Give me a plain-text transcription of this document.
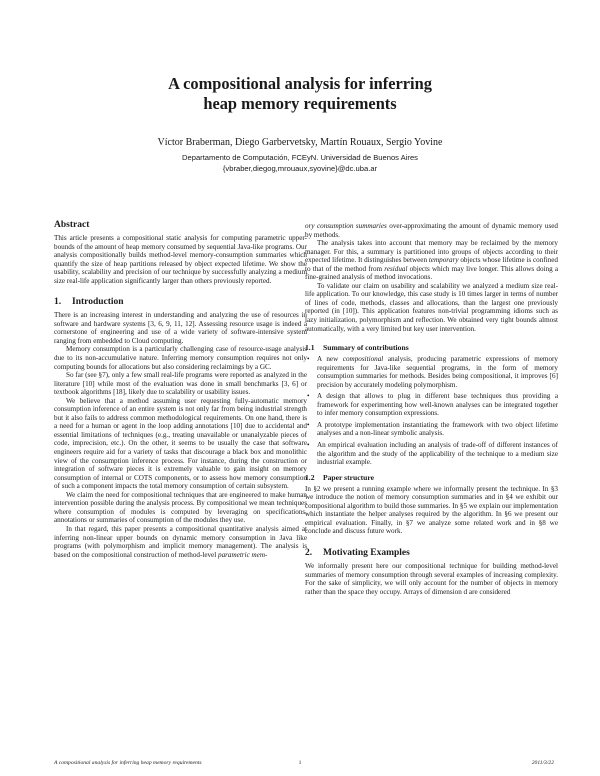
A compositional analysis for inferring
heap memory requirements
Víctor Braberman, Diego Garbervetsky, Martín Rouaux, Sergio Yovine
Departamento de Computación, FCEyN. Universidad de Buenos Aires
{vbraber,diegog,mrouaux,syovine}@dc.uba.ar
Abstract

This article presents a compositional static analysis for computing parametric upper-bounds of the amount of heap memory consumed by sequential Java-like programs. Our analysis compositionally builds method-level memory-consumption summaries which quantify the size of heap partitions released by object expected lifetime. We show the usability, scalability and precision of our technique by successfully analyzing a medium size real-life application significantly larger than others previously reported.

1. Introduction

There is an increasing interest in understanding and analyzing the use of resources in software and hardware systems [3, 6, 9, 11, 12]. Assessing resource usage is indeed a cornerstone of engineering and use of a wide variety of software-intensive system ranging from embedded to Cloud computing.

Memory consumption is a particularly challenging case of resource-usage analysis due to its non-accumulative nature. Inferring memory consumption requires not only computing bounds for allocations but also considering reclaimings by a GC.

So far (see §7), only a few small real-life programs were reported as analyzed in the literature [10] while most of the evaluation was done in small benchmarks [3, 6] or textbook algorithms [18], likely due to scalability or usability issues.

We believe that a method assuming user requesting fully-automatic memory consumption inference of an entire system is not only far from being industrial strength but it also fails to address common methodological requirements. On one hand, there is a need for a human or agent in the loop adding annotations [10] due to accidental and essential limitations of techniques (e.g., treating unavailable or unanalyzable pieces of code, imprecision, etc.). On the other, it seems to be usually the case that software engineers require aid for a variety of tasks that discourage a black box and monolithic view of the consumption inference process. For instance, during the construction or integration of software pieces it is extremely valuable to gain insight on memory consumption of internal or COTS components, or to assess how memory consumption of such a component impacts the total memory consumption of certain subsystem.

We claim the need for compositional techniques that are engineered to make human intervention possible during the analysis process. By compositional we mean techniques where consumption of modules is computed by leveraging on specifications, annotations or summaries of consumption of the modules they use.

In that regard, this paper presents a compositional quantitative analysis aimed at inferring non-linear upper bounds on dynamic memory consumption in Java like programs (with polymorphism and implicit memory management). The analysis is based on the compositional construction of method-level parametric mem-

ory consumption summaries over-approximating the amount of dynamic memory used by methods.

The analysis takes into account that memory may be reclaimed by the memory manager. For this, a summary is partitioned into groups of objects according to their expected lifetime. It distinguishes between temporary objects whose lifetime is confined to that of the method from residual objects which may live longer. This allows doing a fine-grained analysis of method invocations.

To validate our claim on usability and scalability we analyzed a medium size real-life application. To our knowledge, this case study is 10 times larger in terms of number of lines of code, methods, classes and allocations, than the largest one previously reported (in [10]). This application features non-trivial programming idioms such as lazy initialization, polymorphism and reflection. We obtained very tight bounds almost automatically, with a very limited but key user intervention.

1.1 Summary of contributions
• A new compositional analysis, producing parametric expressions of memory requirements for Java-like sequential programs, in the form of memory consumption summaries for methods. Besides being compositional, it improves [6] precision by accurately modeling polymorphism.
• A design that allows to plug in different base techniques thus providing a framework for experimenting how well-known analyses can be integrated together to infer memory consumption expressions.
• A prototype implementation instantiating the framework with two object lifetime analyses and a non-linear symbolic analysis.
• An empirical evaluation including an analysis of trade-off of different instances of the algorithm and the study of the applicability of the technique to a medium size industrial example.
1.2 Paper structure

In §2 we present a running example where we informally present the technique. In §3 we introduce the notion of memory consumption summaries and in §4 we exhibit our compositional algorithm to build those summaries. In §5 we explain our implementation which instantiate the helper analyses required by the algorithm. In §6 we present our empirical evaluation. Finally, in §7 we analyze some related work and in §8 we conclude and discuss future work.

2. Motivating Examples

We informally present here our compositional technique for building method-level summaries of memory consumption through several examples of increasing complexity. For the sake of simplicity, we will only account for the number of objects in memory rather than the space they occupy. Arrays of dimension d are considered

A compositional analysis for inferring heap memory requirements	1	2011/3/22
